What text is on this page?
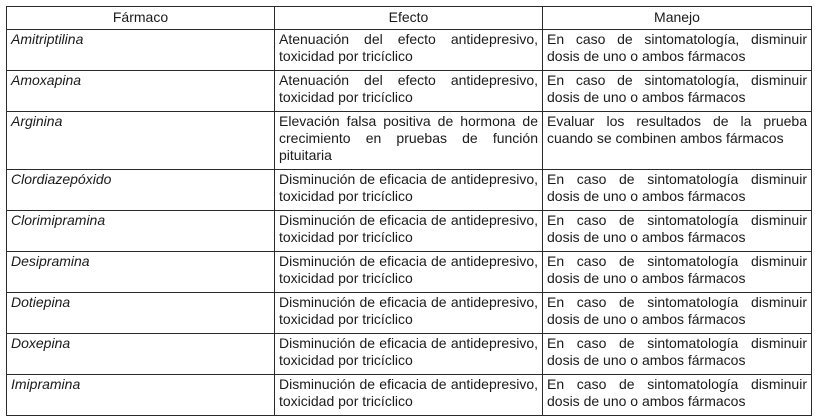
Fármaco	Efecto	Manejo
Amitriptilina	Atenuación del efecto antidepresivo, toxicidad por tricíclico	En caso de sintomatología, disminuir dosis de uno o ambos fármacos
Amoxapina	Atenuación del efecto antidepresivo, toxicidad por tricíclico	En caso de sintomatología, disminuir dosis de uno o ambos fármacos
Arginina	Elevación falsa positiva de hormona de crecimiento en pruebas de función pituitaria	Evaluar los resultados de la prueba cuando se combinen ambos fármacos
Clordiazepóxido	Disminución de eficacia de antidepresivo, toxicidad por tricíclico	En caso de sintomatología disminuir dosis de uno o ambos fármacos
Clorimipramina	Disminución de eficacia de antidepresivo, toxicidad por tricíclico	En caso de sintomatología disminuir dosis de uno o ambos fármacos
Desipramina	Disminución de eficacia de antidepresivo, toxicidad por tricíclico	En caso de sintomatología disminuir dosis de uno o ambos fármacos
Dotiepina	Disminución de eficacia de antidepresivo, toxicidad por tricíclico	En caso de sintomatología disminuir dosis de uno o ambos fármacos
Doxepina	Disminución de eficacia de antidepresivo, toxicidad por tricíclico	En caso de sintomatología disminuir dosis de uno o ambos fármacos
Imipramina	Disminución de eficacia de antidepresivo, toxicidad por tricíclico	En caso de sintomatología disminuir dosis de uno o ambos fármacos
